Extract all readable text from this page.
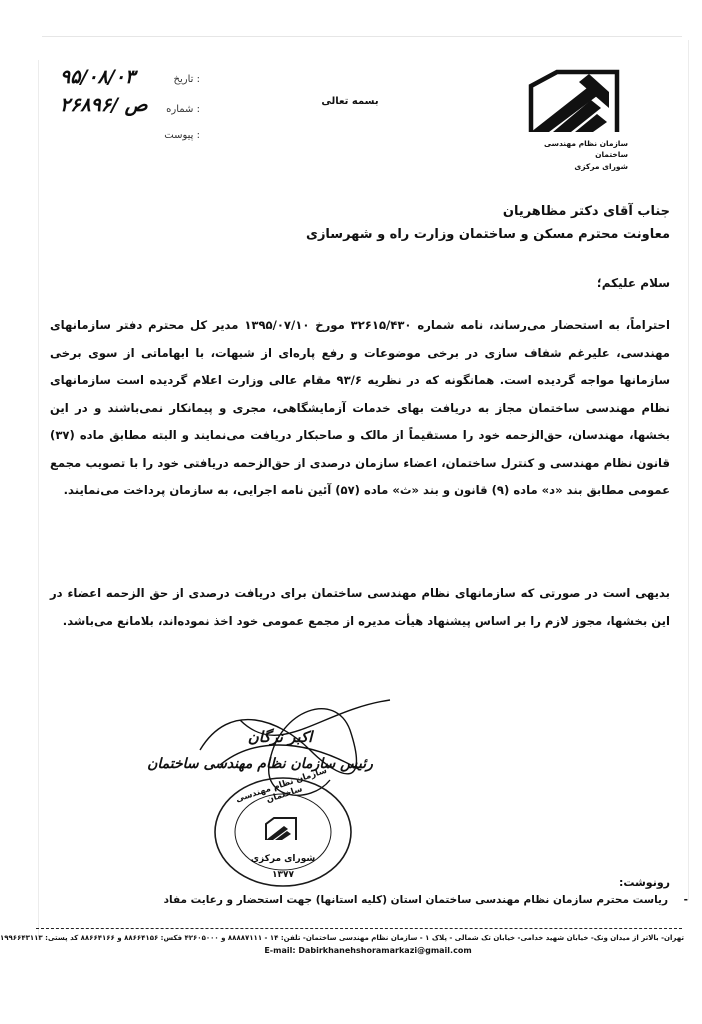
سازمان نظام مهندسی ساختمان
شورای مرکزی
بسمه تعالی
تاریخ :
۹۵/۰۸/۰۳
شماره :
۲۶۸۹۶/ ص
پیوست :
جناب آقای دکتر مظاهریان
معاونت محترم مسکن و ساختمان وزارت راه و شهرسازی
سلام علیکم؛
احتراماً، به استحضار می‌رساند، نامه شماره ۳۲۶۱۵/۴۳۰ مورخ ۱۳۹۵/۰۷/۱۰ مدیر کل محترم دفتر سازمانهای مهندسی، علیرغم شفاف سازی در برخی موضوعات و رفع پاره‌ای از شبهات، با ابهاماتی از سوی برخی سازمانها مواجه گردیده است. همانگونه که در نظریه ۹۳/۶ مقام عالی وزارت اعلام گردیده است سازمانهای نظام مهندسی ساختمان مجاز به دریافت بهای خدمات آزمایشگاهی، مجری و پیمانکار نمی‌باشند و در این بخشها، مهندسان، حق‌الزحمه خود را مستقیماً از مالک و صاحبکار دریافت می‌نمایند و البته مطابق ماده (۳۷) قانون نظام مهندسی و کنترل ساختمان، اعضاء سازمان درصدی از حق‌الزحمه دریافتی خود را با تصویب مجمع عمومی مطابق بند «د» ماده (۹) قانون و بند «ث» ماده (۵۷) آئین نامه اجرایی، به سازمان پرداخت می‌نمایند.
بدیهی است در صورتی که سازمانهای نظام مهندسی ساختمان برای دریافت درصدی از حق الزحمه اعضاء در این بخشها، مجوز لازم را بر اساس پیشنهاد هیأت مدیره از مجمع عمومی خود اخذ نموده‌اند، بلامانع می‌باشد.
اکبر نرگان
رئیس سازمان نظام مهندسی ساختمان
سازمان نظام مهندسی ساختمان
شورای مرکزی
۱۳۷۷
رونوشت:
-
ریاست محترم سازمان نظام مهندسی ساختمان استان (کلیه استانها) جهت استحضار و رعایت مفاد
تهران- بالاتر از میدان ونک- خیابان شهید خدامی- خیابان تک شمالی - پلاک ۱ - سازمان نظام مهندسی ساختمان- تلفن: ۱۴ - ۸۸۸۸۷۱۱۱ و ۴۲۶۰۵۰۰۰ فکس: ۸۸۶۶۴۱۵۶ و ۸۸۶۶۴۱۶۶ کد پستی: ۱۹۹۶۶۴۳۱۱۳
E-mail: Dabirkhanehshoramarkazi@gmail.com
